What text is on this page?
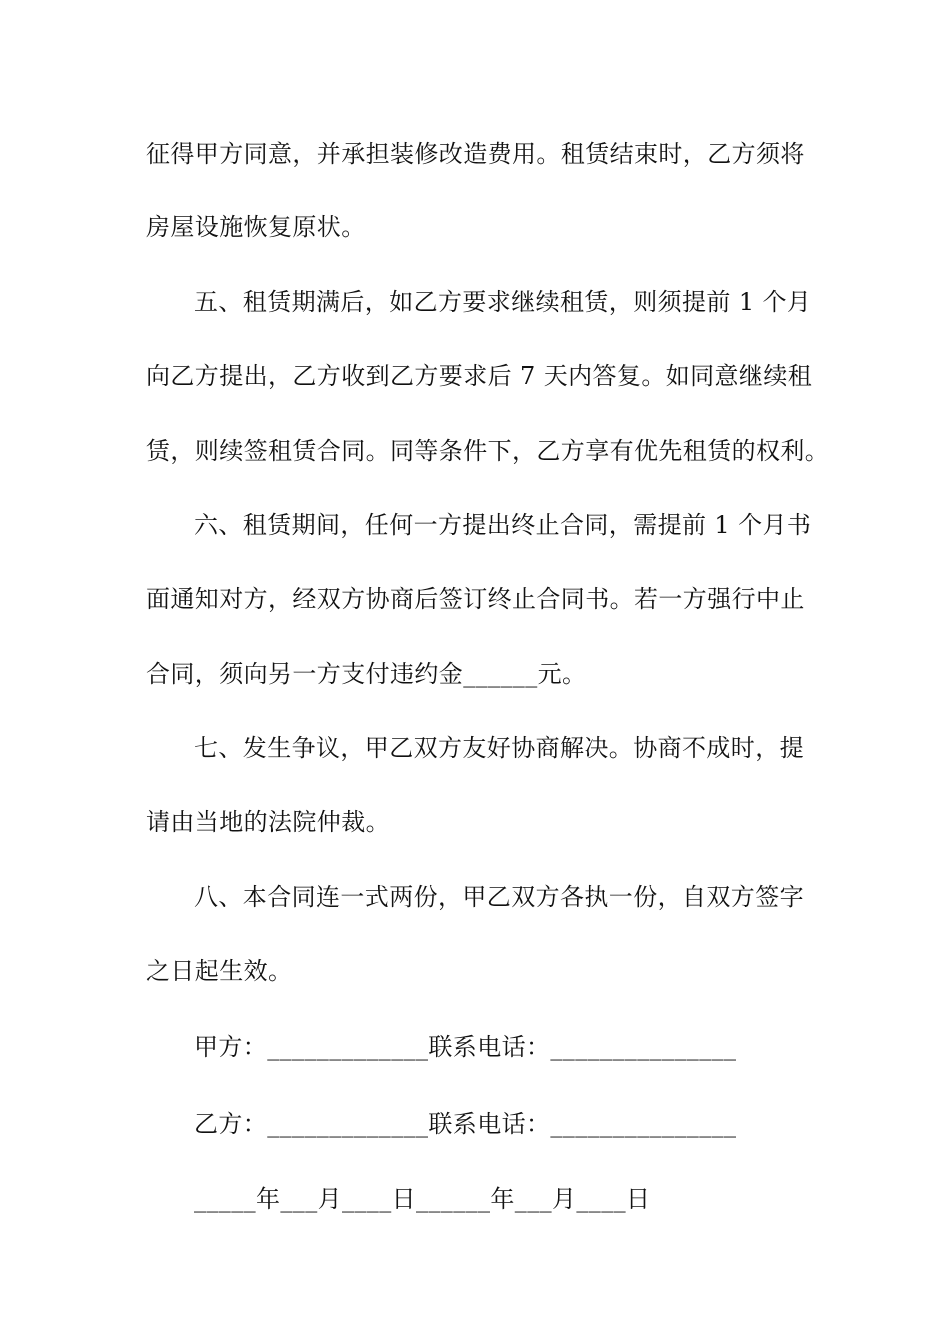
征得甲方同意，并承担装修改造费用。租赁结束时，乙方须将
房屋设施恢复原状。
五、租赁期满后，如乙方要求继续租赁，则须提前 1 个月
向乙方提出，乙方收到乙方要求后 7 天内答复。如同意继续租
赁，则续签租赁合同。同等条件下，乙方享有优先租赁的权利。
六、租赁期间，任何一方提出终止合同，需提前 1 个月书
面通知对方，经双方协商后签订终止合同书。若一方强行中止
合同，须向另一方支付违约金______元。
七、发生争议，甲乙双方友好协商解决。协商不成时，提
请由当地的法院仲裁。
八、本合同连一式两份，甲乙双方各执一份，自双方签字
之日起生效。
甲方：_____________联系电话：_______________
乙方：_____________联系电话：_______________
_____年___月____日______年___月____日
